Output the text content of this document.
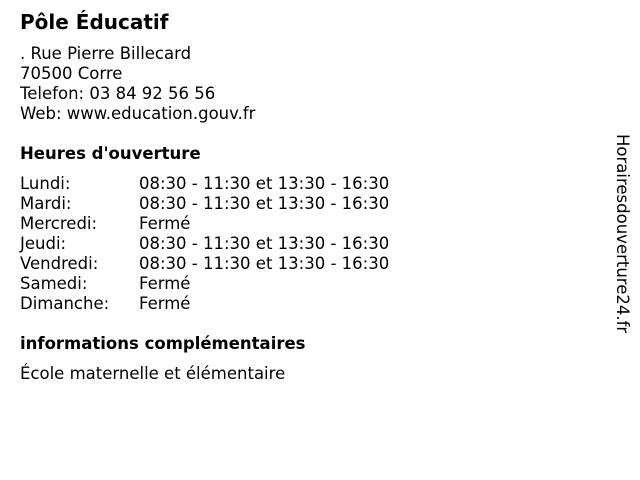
Pôle Éducatif
. Rue Pierre Billecard
70500 Corre
Telefon: 03 84 92 56 56
Web: www.education.gouv.fr
Heures d'ouverture
Lundi:	08:30 - 11:30 et 13:30 - 16:30
Mardi:	08:30 - 11:30 et 13:30 - 16:30
Mercredi:	Fermé
Jeudi:	08:30 - 11:30 et 13:30 - 16:30
Vendredi: 08:30 - 11:30 et 13:30 - 16:30
Samedi:	Fermé
Dimanche: Fermé
informations complémentaires
École maternelle et élémentaire
Horairesdouverture24.fr
